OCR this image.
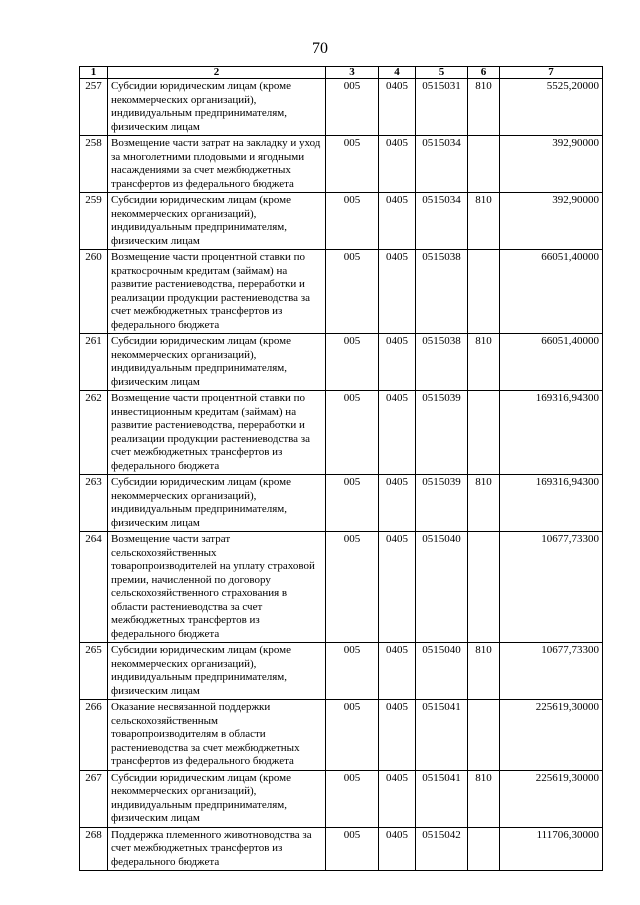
70
1	2	3	4	5	6	7
257	Субсидии юридическим лицам (кроме некоммерческих организаций), индивидуальным предпринимателям, физическим лицам	005	0405	0515031	810	5525,20000
258	Возмещение части затрат на закладку и уход за многолетними плодовыми и ягодными насаждениями за счет межбюджетных трансфертов из федерального бюджета	005	0405	0515034		392,90000
259	Субсидии юридическим лицам (кроме некоммерческих организаций), индивидуальным предпринимателям, физическим лицам	005	0405	0515034	810	392,90000
260	Возмещение части процентной ставки по краткосрочным кредитам (займам) на развитие растениеводства, переработки и реализации продукции растениеводства за счет межбюджетных трансфертов из федерального бюджета	005	0405	0515038		66051,40000
261	Субсидии юридическим лицам (кроме некоммерческих организаций), индивидуальным предпринимателям, физическим лицам	005	0405	0515038	810	66051,40000
262	Возмещение части процентной ставки по инвестиционным кредитам (займам) на развитие растениеводства, переработки и реализации продукции растениеводства за счет межбюджетных трансфертов из федерального бюджета	005	0405	0515039		169316,94300
263	Субсидии юридическим лицам (кроме некоммерческих организаций), индивидуальным предпринимателям, физическим лицам	005	0405	0515039	810	169316,94300
264	Возмещение части затрат сельскохозяйственных товаропроизводителей на уплату страховой премии, начисленной по договору сельскохозяйственного страхования в области растениеводства за счет межбюджетных трансфертов из федерального бюджета	005	0405	0515040		10677,73300
265	Субсидии юридическим лицам (кроме некоммерческих организаций), индивидуальным предпринимателям, физическим лицам	005	0405	0515040	810	10677,73300
266	Оказание несвязанной поддержки сельскохозяйственным товаропроизводителям в области растениеводства за счет межбюджетных трансфертов из федерального бюджета	005	0405	0515041		225619,30000
267	Субсидии юридическим лицам (кроме некоммерческих организаций), индивидуальным предпринимателям, физическим лицам	005	0405	0515041	810	225619,30000
268	Поддержка племенного животноводства за счет межбюджетных трансфертов из федерального бюджета	005	0405	0515042		111706,30000
